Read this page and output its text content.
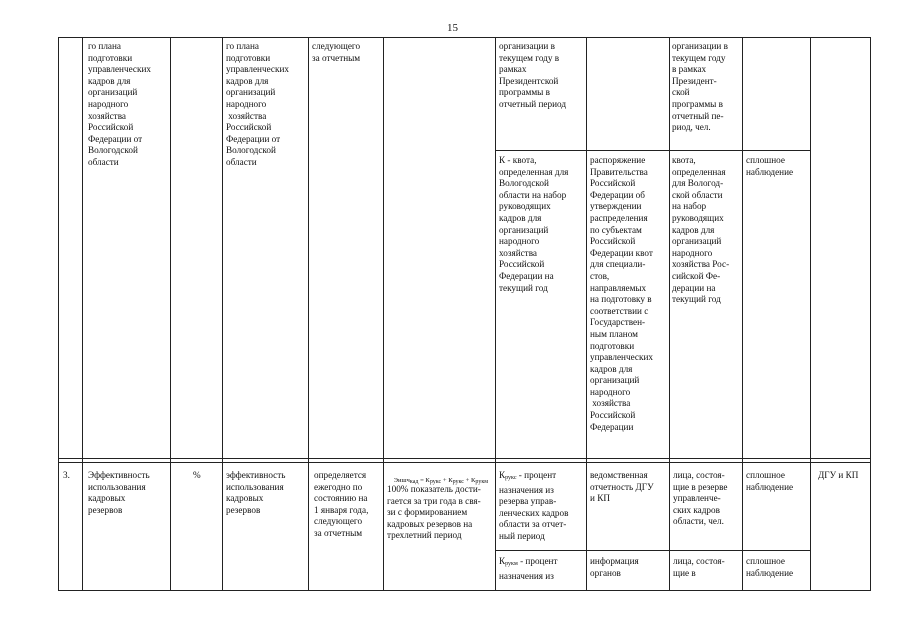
15
го плана
подготовки
управленческих
кадров для
организаций
народного
хозяйства
Российской
Федерации от
Вологодской
области
го плана
подготовки
управленческих
кадров для
организаций
народного
хозяйства
Российской
Федерации от
Вологодской
области
следующего
за отчетным
организации в
текущем году в
рамках
Президентской
программы в
отчетный период
организации в
текущем году
в рамках
Президент-
ской
программы в
отчетный пе-
риод, чел.
К - квота,
определенная для
Вологодской
области на набор
руководящих
кадров для
организаций
народного
хозяйства
Российской
Федерации на
текущий год
распоряжение
Правительства
Российской
Федерации об
утверждении
распределения
по субъектам
Российской
Федерации квот
для специали-
стов,
направляемых
на подготовку в
соответствии с
Государствен-
ным планом
подготовки
управленческих
кадров для
организаций
народного
хозяйства
Российской
Федерации
квота,
определенная
для Вологод-
ской области
на набор
руководящих
кадров для
организаций
народного
хозяйства Рос-
сийской Фе-
дерации на
текущий год
сплошное
наблюдение
3. Эффективность
использования
кадровых
резервов
%	эффективность
использования
кадровых
резервов
определяется
ежегодно по
состоянию на
1 января года,
следующего
за отчетным

Эишчкад = Крукс + Крукс + Крукм

100% показатель дости-
гается за три года в свя-
зи с формированием
кадровых резервов на
трехлетний период
Крукс - процент
назначения из
резерва управ-
ленческих кадров
области за отчет-
ный период
ведомственная
отчетность ДГУ
и КП
лица, состоя-
щие в резерве
управленче-
ских кадров
области, чел.
сплошное
наблюдение
ДГУ и КП
Крукм - процент
назначения из
информация
органов
лица, состоя-
щие в
сплошное
наблюдение
